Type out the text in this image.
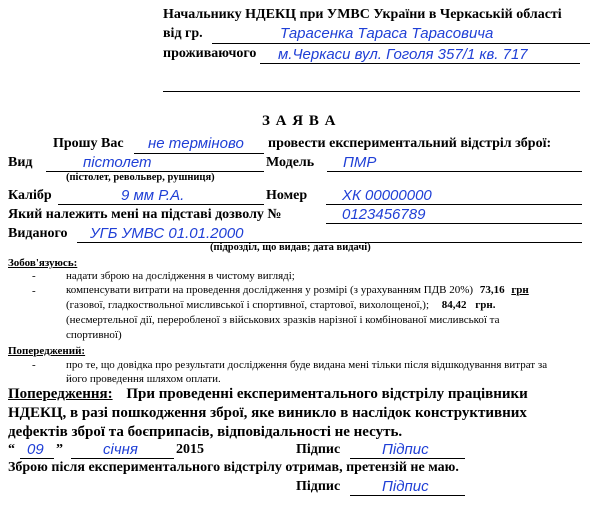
Начальнику НДЕКЦ при УМВС України в Черкаській області
від гр.	Тарасенка Тараса Тарасовича
проживаючого м.Черкаси вул. Гоголя 357/1 кв. 717
З А Я В А
Прошу Вас не терміново провести експериментальний відстріл зброї:
Вид	пістолет	Модель ПМР
(пістолет, револьвер, рушниця)
Калібр	9 мм Р.А.	Номер ХК 00000000
Який належить мені на підставі дозволу №	0123456789
Виданого УГБ УМВС 01.01.2000
(підрозділ, що видав; дата видачі)
Зобов'язуюсь:
-	надати зброю на дослідження в чистому вигляді;
-	компенсувати витрати на проведення дослідження у розмірі (з урахуванням ПДВ 20%) 73,16 грн
(газової, гладкоствольної мисливської і спортивної, стартової, вихолощеної,); 84,42 грн.
(несмертельної дії, переробленої з військових зразків нарізної і комбінованої мисливської та
спортивної)
Попереджений:
-	про те, що довідка про результати дослідження буде видана мені тільки після відшкодування витрат за
його проведення шляхом оплати.
Попередження: При проведенні експериментального відстрілу працівники
НДЕКЦ, в разі пошкодження зброї, яке виникло в наслідок конструктивних
дефектів зброї та боєприпасів, відповідальності не несуть.
“ 09 ”	січня	2015	Підпис	Підпис
Зброю після експериментального відстрілу отримав, претензій не маю.
Підпис	Підпис
